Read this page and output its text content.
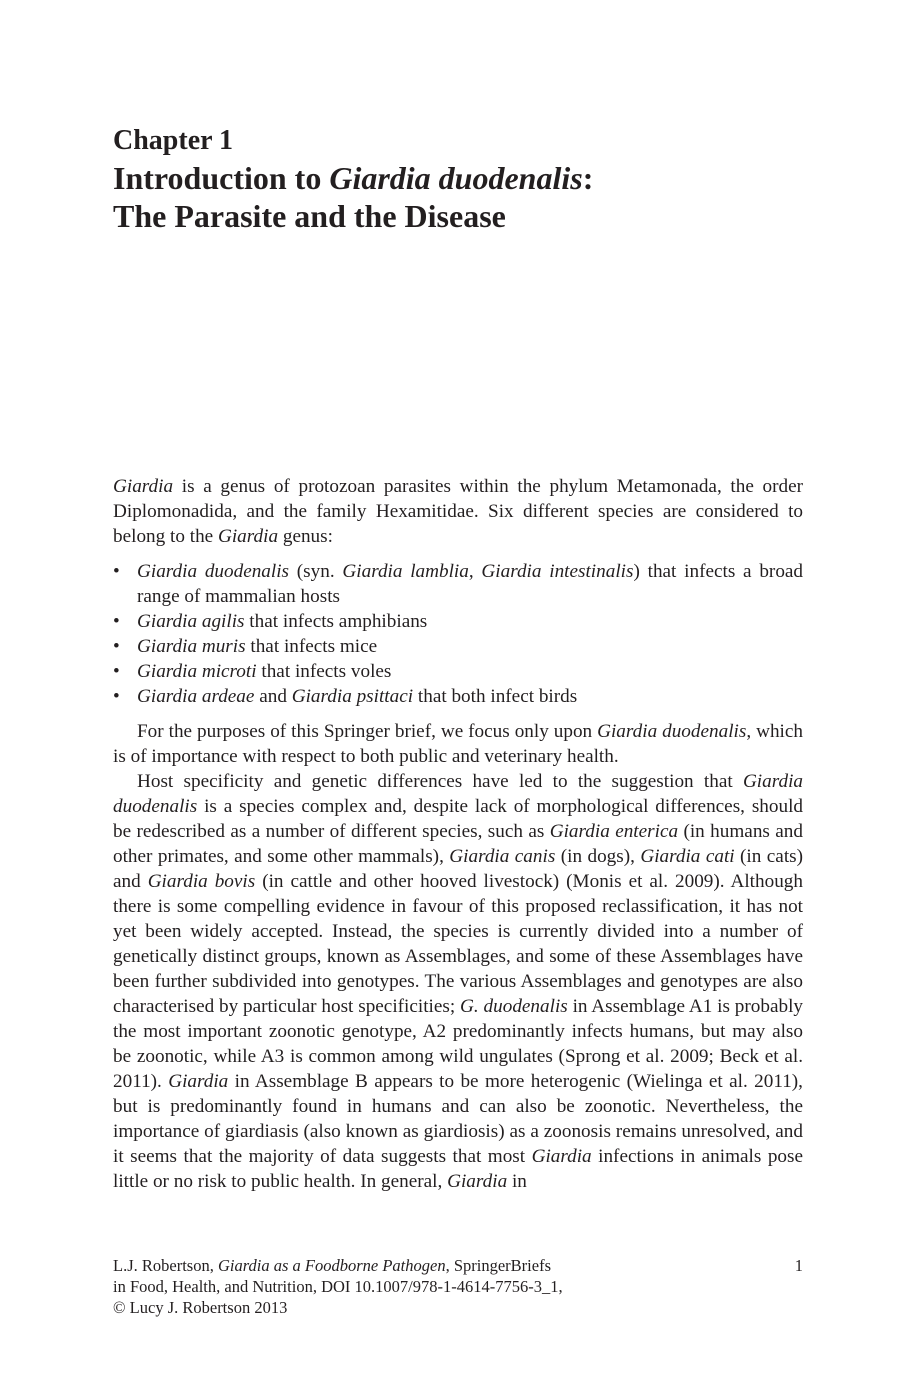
Chapter 1
Introduction to Giardia duodenalis:
The Parasite and the Disease

Giardia is a genus of protozoan parasites within the phylum Metamonada, the order Diplomonadida, and the family Hexamitidae. Six different species are considered to belong to the Giardia genus:

• Giardia duodenalis (syn. Giardia lamblia, Giardia intestinalis) that infects a broad range of mammalian hosts
• Giardia agilis that infects amphibians
• Giardia muris that infects mice
• Giardia microti that infects voles
• Giardia ardeae and Giardia psittaci that both infect birds

For the purposes of this Springer brief, we focus only upon Giardia duodenalis, which is of importance with respect to both public and veterinary health.

Host specificity and genetic differences have led to the suggestion that Giardia duodenalis is a species complex and, despite lack of morphological differences, should be redescribed as a number of different species, such as Giardia enterica (in humans and other primates, and some other mammals), Giardia canis (in dogs), Giardia cati (in cats) and Giardia bovis (in cattle and other hooved livestock) (Monis et al. 2009). Although there is some compelling evidence in favour of this proposed reclassification, it has not yet been widely accepted. Instead, the species is currently divided into a number of genetically distinct groups, known as Assemblages, and some of these Assemblages have been further subdivided into genotypes. The various Assemblages and genotypes are also characterised by particular host specificities; G. duodenalis in Assemblage A1 is probably the most important zoonotic genotype, A2 predominantly infects humans, but may also be zoonotic, while A3 is common among wild ungulates (Sprong et al. 2009; Beck et al. 2011). Giardia in Assemblage B appears to be more heterogenic (Wielinga et al. 2011), but is predominantly found in humans and can also be zoonotic. Nevertheless, the importance of giardiasis (also known as giardiosis) as a zoonosis remains unresolved, and it seems that the majority of data suggests that most Giardia infections in animals pose little or no risk to public health. In general, Giardia in

L.J. Robertson, Giardia as a Foodborne Pathogen, SpringerBriefs
in Food, Health, and Nutrition, DOI 10.1007/978-1-4614-7756-3_1,
© Lucy J. Robertson 2013
1
